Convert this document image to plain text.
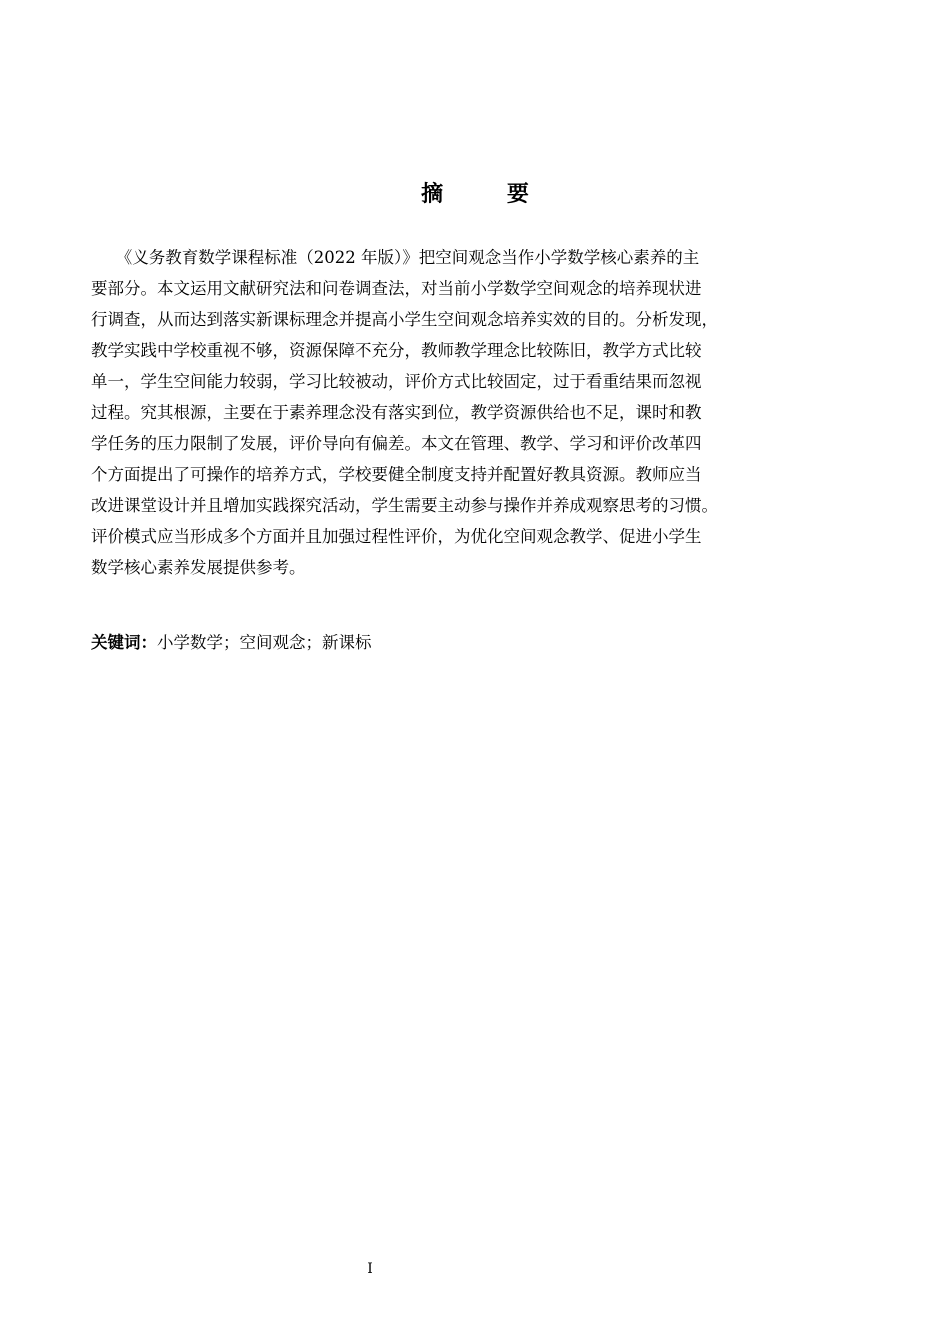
摘 要
　　《义务教育数学课程标准（2022 年版）》把空间观念当作小学数学核心素养的主
要部分。本文运用文献研究法和问卷调查法，对当前小学数学空间观念的培养现状进
行调查，从而达到落实新课标理念并提高小学生空间观念培养实效的目的。分析发现，
教学实践中学校重视不够，资源保障不充分，教师教学理念比较陈旧，教学方式比较
单一，学生空间能力较弱，学习比较被动，评价方式比较固定，过于看重结果而忽视
过程。究其根源，主要在于素养理念没有落实到位，教学资源供给也不足，课时和教
学任务的压力限制了发展，评价导向有偏差。本文在管理、教学、学习和评价改革四
个方面提出了可操作的培养方式，学校要健全制度支持并配置好教具资源。教师应当
改进课堂设计并且增加实践探究活动，学生需要主动参与操作并养成观察思考的习惯。
评价模式应当形成多个方面并且加强过程性评价，为优化空间观念教学、促进小学生
数学核心素养发展提供参考。
关键词：小学数学；空间观念；新课标
I
